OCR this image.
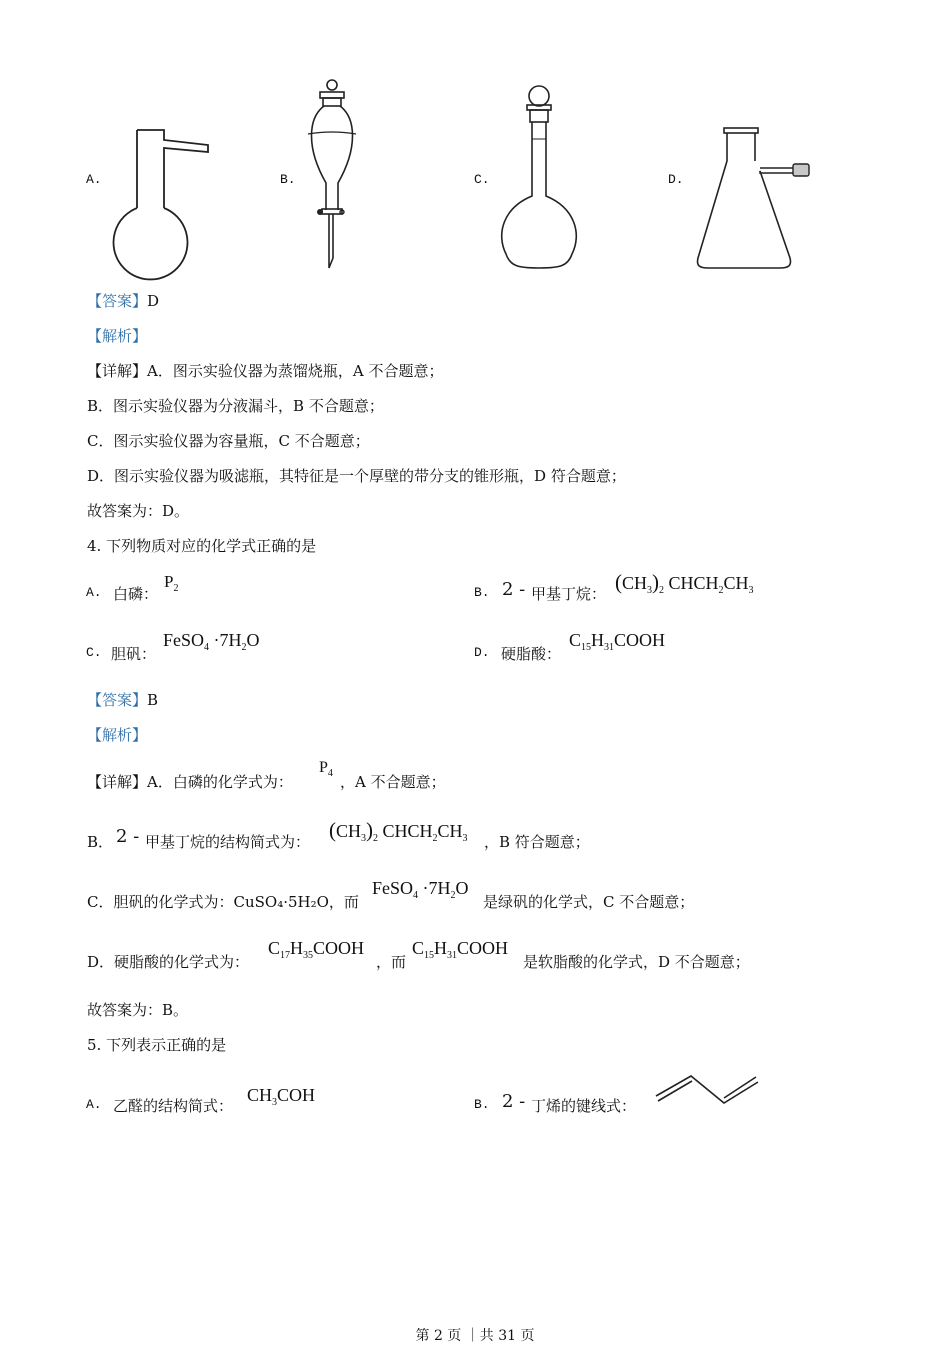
A.	B.	C.	D.
【答案】D
【解析】
【详解】A．图示实验仪器为蒸馏烧瓶，A 不合题意；
B．图示实验仪器为分液漏斗，B 不合题意；
C．图示实验仪器为容量瓶，C 不合题意；
D．图示实验仪器为吸滤瓶，其特征是一个厚壁的带分支的锥形瓶，D 符合题意；
故答案为：D。
4. 下列物质对应的化学式正确的是
A. 白磷：
$P_2$	B. 2 - 甲基丁烷： $(CH_3)_2$ $CHCH_2CH_3$
C. 胆矾：
FeSO$_4$ $\cdot 7H_2O$
D. 硬脂酸：
$C_{15}H_{31}COOH$
【答案】B
【解析】
【详解】A．白磷的化学式为：
$P_4$ ，A 不合题意；
B． 2 - 甲基丁烷的结构简式为： $(CH_3)_2$ $CHCH_2CH_3$ ，B 符合题意；
C．胆矾的化学式为：CuSO₄·5H₂O，而
FeSO$_4$ $\cdot 7H_2O$
是绿矾的化学式，C 不合题意；
D．硬脂酸的化学式为：
$C_{17}H_{35}COOH$
，而
$C_{15}H_{31}COOH$
是软脂酸的化学式，D 不合题意；
故答案为：B。
5. 下列表示正确的是
A. 乙醛的结构简式：
$CH_3COH$	B. 2 - 丁烯的键线式：
第 2 页 ｜共 31 页
